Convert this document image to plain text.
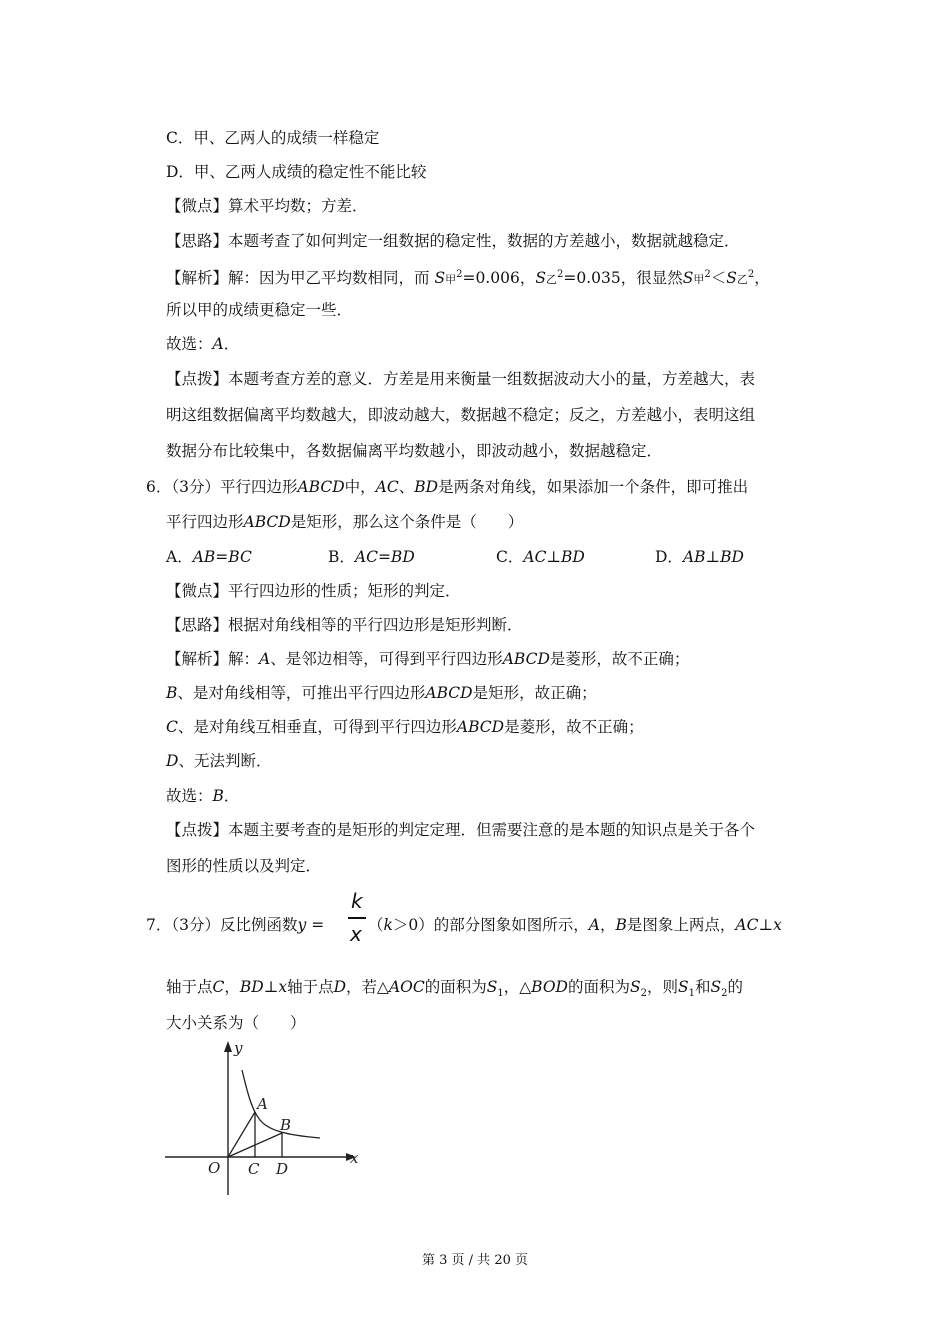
C．甲、乙两人的成绩一样稳定
D．甲、乙两人成绩的稳定性不能比较
【微点】算术平均数；方差．
【思路】本题考查了如何判定一组数据的稳定性，数据的方差越小，数据就越稳定．
【解析】解：因为甲乙平均数相同，而 S甲$^2$=0.006，S乙$^2$=0.035，很显然S甲$^2$＜S乙$^2$，
所以甲的成绩更稳定一些．
故选：A．
【点拨】本题考查方差的意义．方差是用来衡量一组数据波动大小的量，方差越大，表
明这组数据偏离平均数越大，即波动越大，数据越不稳定；反之，方差越小，表明这组
数据分布比较集中，各数据偏离平均数越小，即波动越小，数据越稳定．
6．（3分）平行四边形ABCD中，AC、BD是两条对角线，如果添加一个条件，即可推出
平行四边形ABCD是矩形，那么这个条件是（　　）
A．AB=BC	B．AC=BD	C．AC⊥BD	D．AB⊥BD
【微点】平行四边形的性质；矩形的判定．
【思路】根据对角线相等的平行四边形是矩形判断．
【解析】解：A、是邻边相等，可得到平行四边形ABCD是菱形，故不正确；
B、是对角线相等，可推出平行四边形ABCD是矩形，故正确；
C、是对角线互相垂直，可得到平行四边形ABCD是菱形，故不正确；
D、无法判断．
故选：B．
【点拨】本题主要考查的是矩形的判定定理．但需要注意的是本题的知识点是关于各个
图形的性质以及判定．
7．（3分）反比例函数y =
k
x （k＞0）的部分图象如图所示，A，B是图象上两点，AC⊥x
轴于点C，BD⊥x轴于点D，若△AOC的面积为$S_1$，△BOD的面积为$S_2$，则$S_1$和$S_2$的
大小关系为（　　）
y
x
O
A
B
C D
第 3 页 / 共 20 页
